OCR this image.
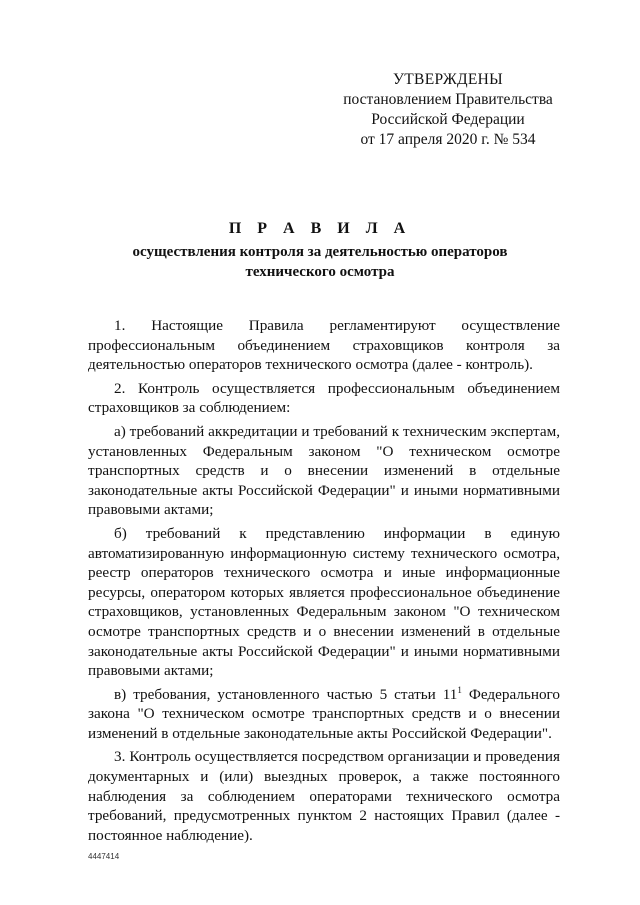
УТВЕРЖДЕНЫ
постановлением Правительства
Российской Федерации
от 17 апреля 2020 г. № 534
П Р А В И Л А
осуществления контроля за деятельностью операторов
технического осмотра

1. Настоящие Правила регламентируют осуществление профессиональным объединением страховщиков контроля за деятельностью операторов технического осмотра (далее - контроль).

2. Контроль осуществляется профессиональным объединением страховщиков за соблюдением:

а) требований аккредитации и требований к техническим экспертам, установленных Федеральным законом "О техническом осмотре транспортных средств и о внесении изменений в отдельные законодательные акты Российской Федерации" и иными нормативными правовыми актами;

б) требований к представлению информации в единую автоматизированную информационную систему технического осмотра, реестр операторов технического осмотра и иные информационные ресурсы, оператором которых является профессиональное объединение страховщиков, установленных Федеральным законом "О техническом осмотре транспортных средств и о внесении изменений в отдельные законодательные акты Российской Федерации" и иными нормативными правовыми актами;

в) требования, установленного частью 5 статьи $11^1$ Федерального закона "О техническом осмотре транспортных средств и о внесении изменений в отдельные законодательные акты Российской Федерации".

3. Контроль осуществляется посредством организации и проведения документарных и (или) выездных проверок, а также постоянного наблюдения за соблюдением операторами технического осмотра требований, предусмотренных пунктом 2 настоящих Правил (далее - постоянное наблюдение).

4447414
